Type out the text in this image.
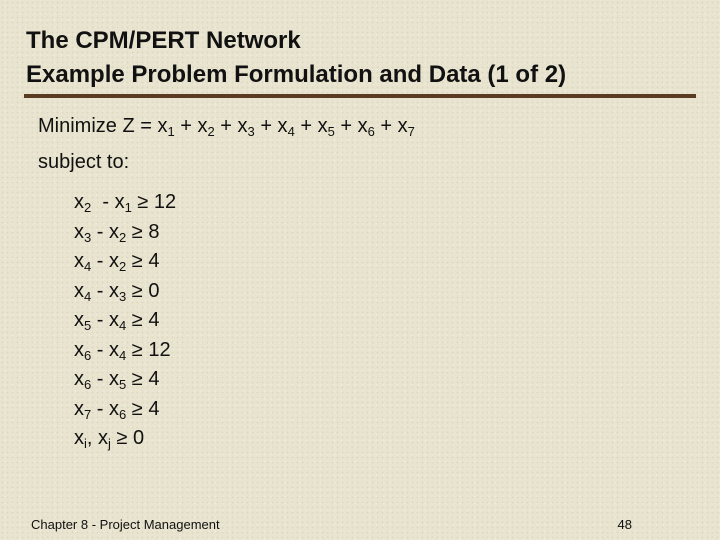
The CPM/PERT Network
Example Problem Formulation and Data (1 of 2)
Minimize $Z = x_1 + x_2 + x_3 + x_4 + x_5 + x_6 + x_7$
subject to:
$x_2 - x_1 \ge 12$
$x_3 - x_2 \ge 8$
$x_4 - x_2 \ge 4$
$x_4 - x_3 \ge 0$
$x_5 - x_4 \ge 4$
$x_6 - x_4 \ge 12$
$x_6 - x_5 \ge 4$
$x_7 - x_6 \ge 4$
$x_i$, $x_j \ge 0$
Chapter 8 - Project Management	48
